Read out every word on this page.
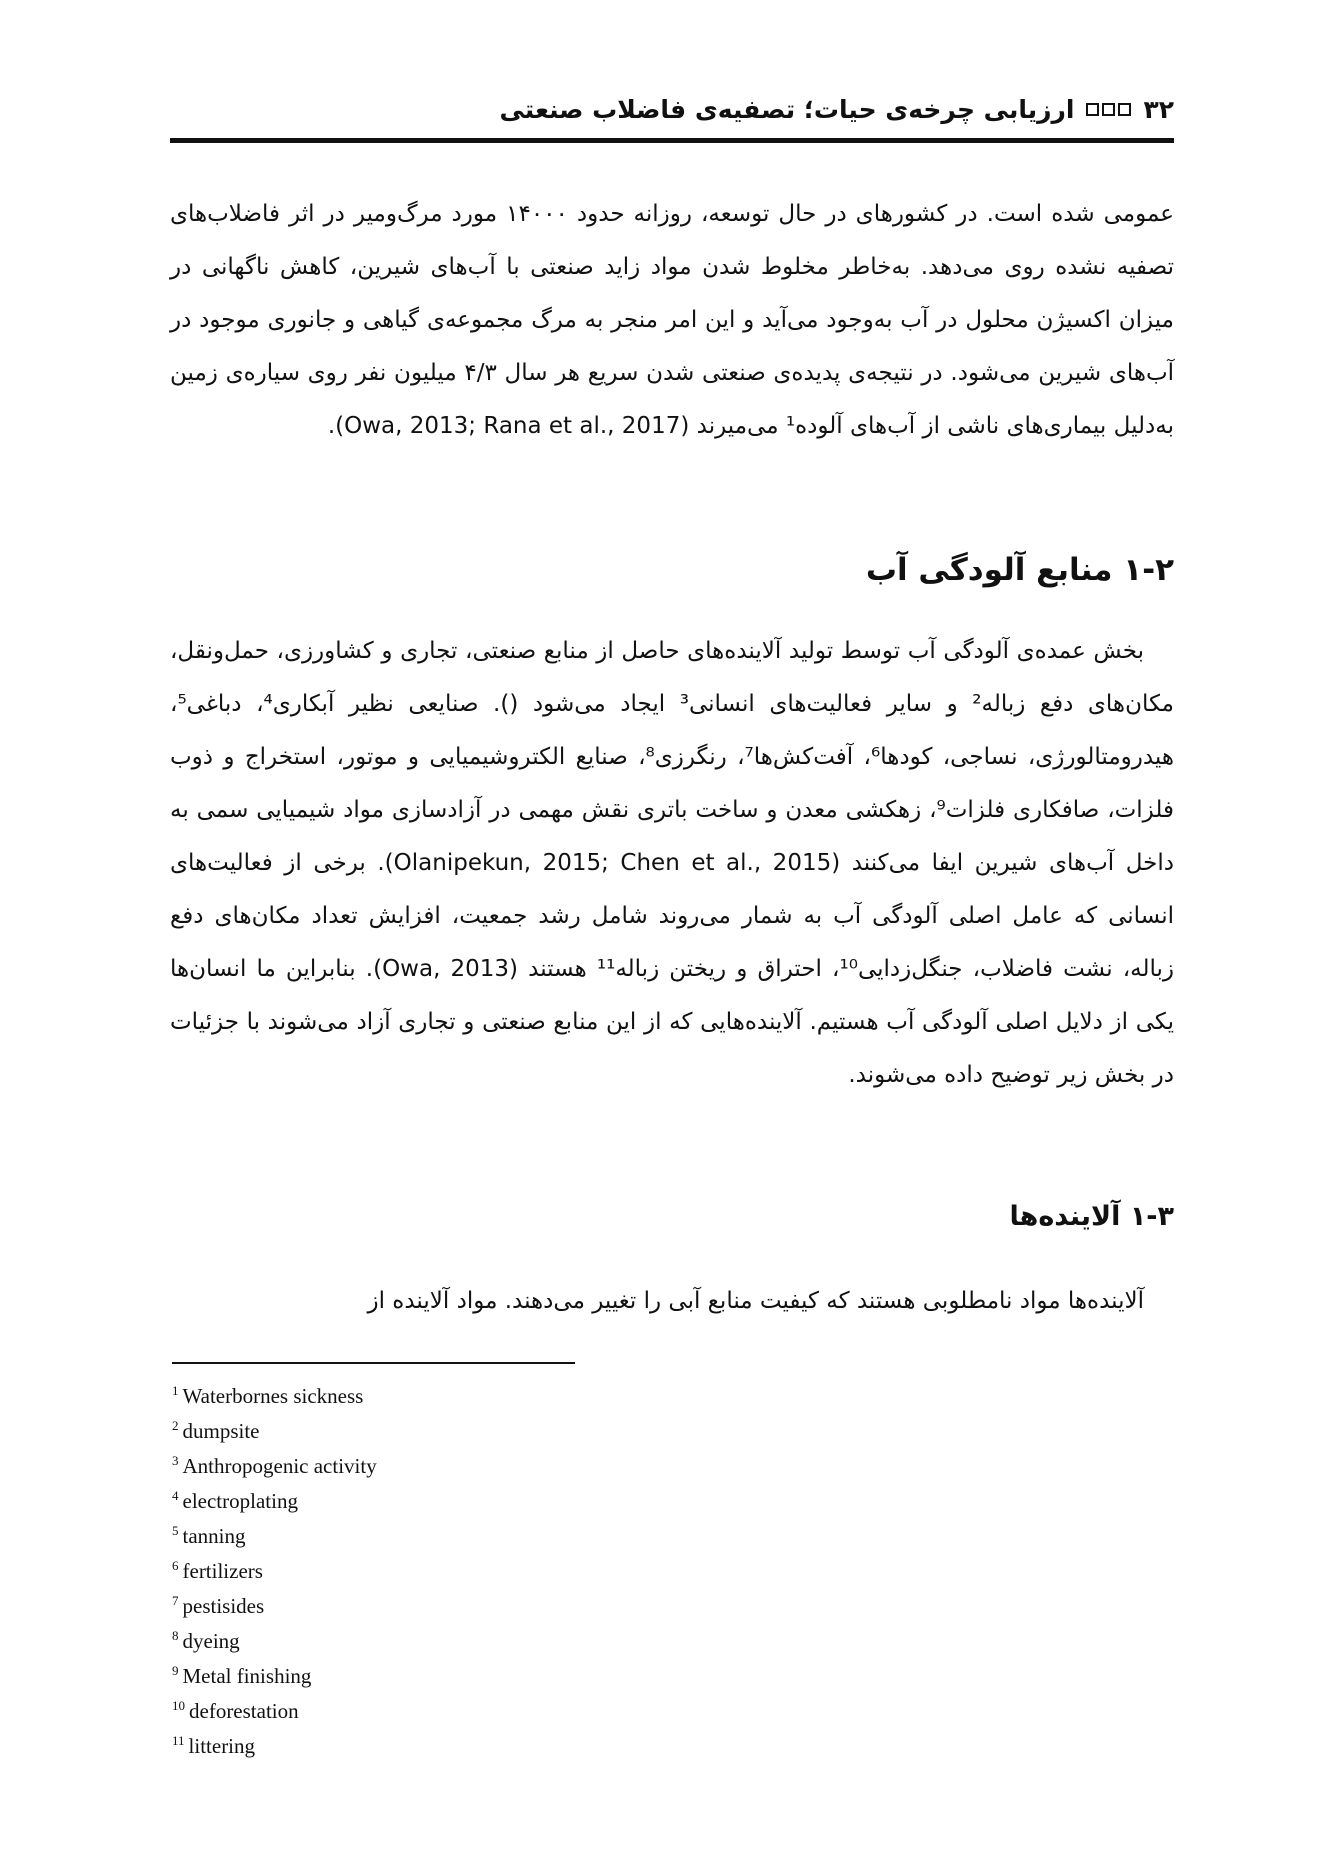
۳۲
ارزیابی چرخه‌ی حیات؛ تصفیه‌ی فاضلاب صنعتی

عمومی شده است. در کشورهای در حال توسعه، روزانه حدود ۱۴۰۰۰ مورد مرگ‌ومیر در اثر فاضلاب‌های تصفیه نشده روی می‌دهد. به‌خاطر مخلوط شدن مواد زاید صنعتی با آب‌های شیرین، کاهش ناگهانی در میزان اکسیژن محلول در آب به‌وجود می‌آید و این امر منجر به مرگ مجموعه‌ی گیاهی و جانوری موجود در آب‌های شیرین می‌شود. در نتیجه‌ی پدیده‌ی صنعتی شدن سریع هر سال ۴/۳ میلیون نفر روی سیاره‌ی زمین به‌دلیل بیماری‌های ناشی از آب‌های آلوده¹ می‌میرند (Owa, 2013; Rana et al., 2017).

۱-۲ منابع آلودگی آب

بخش عمده‌ی آلودگی آب توسط تولید آلاینده‌های حاصل از منابع صنعتی، تجاری و کشاورزی، حمل‌ونقل، مکان‌های دفع زباله² و سایر فعالیت‌های انسانی³ ایجاد می‌شود (). صنایعی نظیر آبکاری⁴، دباغی⁵، هیدرومتالورژی، نساجی، کودها⁶، آفت‌کش‌ها⁷، رنگرزی⁸، صنایع الکتروشیمیایی و موتور، استخراج و ذوب فلزات، صافکاری فلزات⁹، زهکشی معدن و ساخت باتری نقش مهمی در آزادسازی مواد شیمیایی سمی به داخل آب‌های شیرین ایفا می‌کنند (Olanipekun, 2015; Chen et al., 2015). برخی از فعالیت‌های انسانی که عامل اصلی آلودگی آب به شمار می‌روند شامل رشد جمعیت، افزایش تعداد مکان‌های دفع زباله، نشت فاضلاب، جنگل‌زدایی¹⁰، احتراق و ریختن زباله¹¹ هستند (Owa, 2013). بنابراین ما انسان‌ها یکی از دلایل اصلی آلودگی آب هستیم. آلاینده‌هایی که از این منابع صنعتی و تجاری آزاد می‌شوند با جزئیات در بخش زیر توضیح داده می‌شوند.

۱-۳ آلاینده‌ها

آلاینده‌ها مواد نامطلوبی هستند که کیفیت منابع آبی را تغییر می‌دهند. مواد آلاینده از

$^1$ Waterbornes sickness
$^2$ dumpsite
$^3$ Anthropogenic activity
$^4$ electroplating
$^5$ tanning
$^6$ fertilizers
$^7$ pestisides
$^8$ dyeing
$^9$ Metal finishing
$^{10}$ deforestation
$^{11}$ littering
